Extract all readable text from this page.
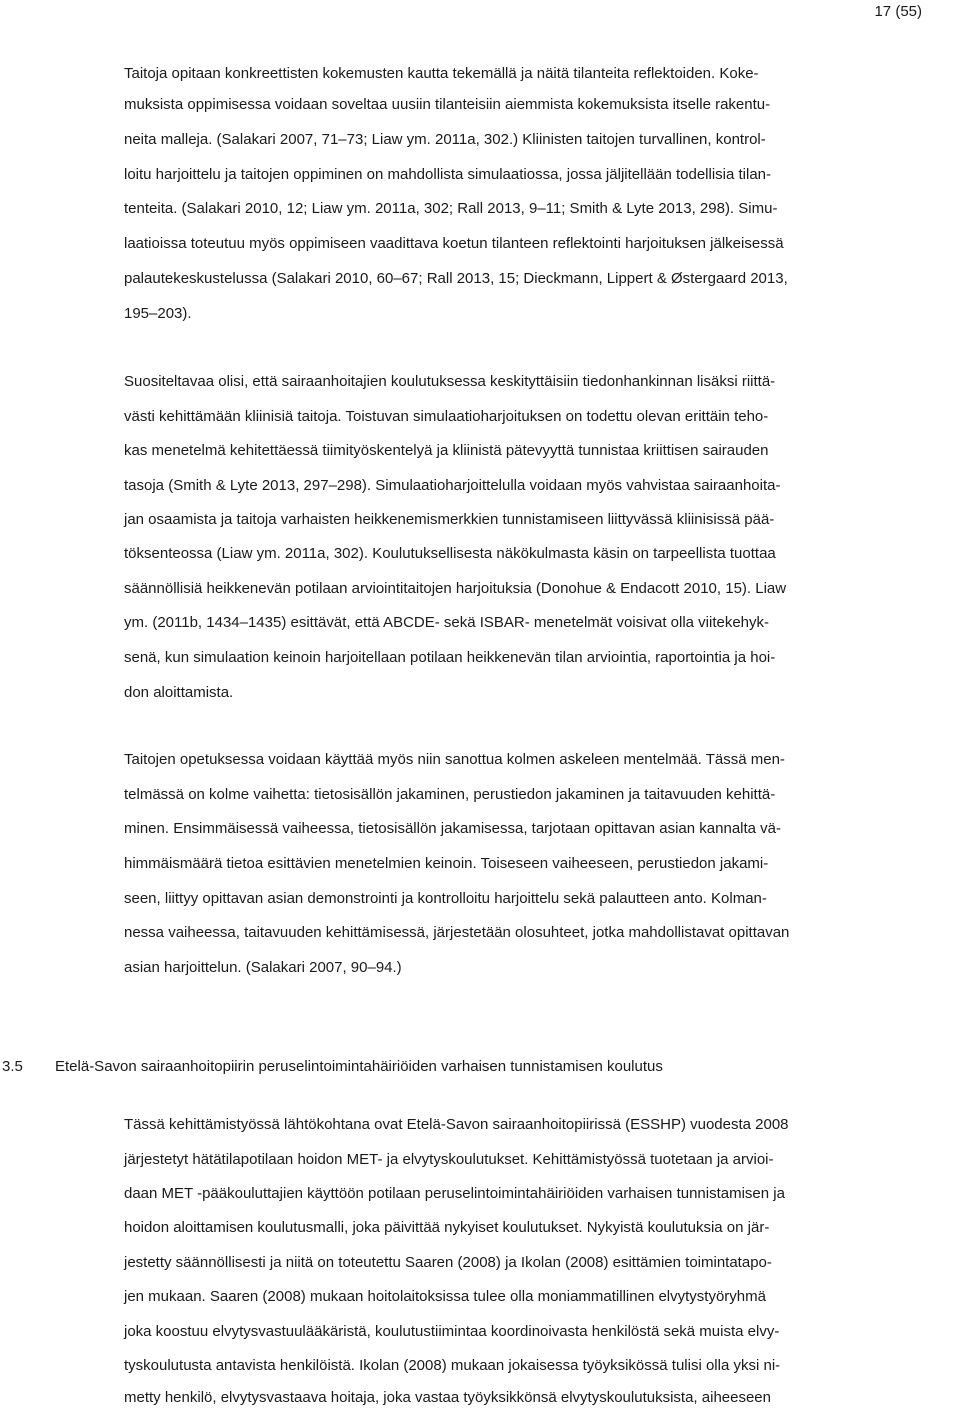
17 (55)
Taitoja opitaan konkreettisten kokemusten kautta tekemällä ja näitä tilanteita reflektoiden. Koke-
muksista oppimisessa voidaan soveltaa uusiin tilanteisiin aiemmista kokemuksista itselle rakentu-
neita malleja. (Salakari 2007, 71–73; Liaw ym. 2011a, 302.) Kliinisten taitojen turvallinen, kontrol-
loitu harjoittelu ja taitojen oppiminen on mahdollista simulaatiossa, jossa jäljitellään todellisia tilan-
tenteita. (Salakari 2010, 12; Liaw ym. 2011a, 302; Rall 2013, 9–11; Smith & Lyte 2013, 298). Simu-
laatioissa toteutuu myös oppimiseen vaadittava koetun tilanteen reflektointi harjoituksen jälkeisessä
palautekeskustelussa (Salakari 2010, 60–67; Rall 2013, 15; Dieckmann, Lippert & Østergaard 2013,
195–203).
Suositeltavaa olisi, että sairaanhoitajien koulutuksessa keskityttäisiin tiedonhankinnan lisäksi riittä-
västi kehittämään kliinisiä taitoja. Toistuvan simulaatioharjoituksen on todettu olevan erittäin teho-
kas menetelmä kehitettäessä tiimityöskentelyä ja kliinistä pätevyyttä tunnistaa kriittisen sairauden
tasoja (Smith & Lyte 2013, 297–298). Simulaatioharjoittelulla voidaan myös vahvistaa sairaanhoita-
jan osaamista ja taitoja varhaisten heikkenemismerkkien tunnistamiseen liittyvässä kliinisissä pää-
töksenteossa (Liaw ym. 2011a, 302). Koulutuksellisesta näkökulmasta käsin on tarpeellista tuottaa
säännöllisiä heikkenevän potilaan arviointitaitojen harjoituksia (Donohue & Endacott 2010, 15). Liaw
ym. (2011b, 1434–1435) esittävät, että ABCDE- sekä ISBAR- menetelmät voisivat olla viitekehyk-
senä, kun simulaation keinoin harjoitellaan potilaan heikkenevän tilan arviointia, raportointia ja hoi-
don aloittamista.
Taitojen opetuksessa voidaan käyttää myös niin sanottua kolmen askeleen mentelmää. Tässä men-
telmässä on kolme vaihetta: tietosisällön jakaminen, perustiedon jakaminen ja taitavuuden kehittä-
minen. Ensimmäisessä vaiheessa, tietosisällön jakamisessa, tarjotaan opittavan asian kannalta vä-
himmäismäärä tietoa esittävien menetelmien keinoin. Toiseseen vaiheeseen, perustiedon jakami-
seen, liittyy opittavan asian demonstrointi ja kontrolloitu harjoittelu sekä palautteen anto. Kolman-
nessa vaiheessa, taitavuuden kehittämisessä, järjestetään olosuhteet, jotka mahdollistavat opittavan
asian harjoittelun. (Salakari 2007, 90–94.)
3.5 Etelä-Savon sairaanhoitopiirin peruselintoimintahäiriöiden varhaisen tunnistamisen koulutus
Tässä kehittämistyössä lähtökohtana ovat Etelä-Savon sairaanhoitopiirissä (ESSHP) vuodesta 2008
järjestetyt hätätilapotilaan hoidon MET- ja elvytyskoulutukset. Kehittämistyössä tuotetaan ja arvioi-
daan MET -pääkouluttajien käyttöön potilaan peruselintoimintahäiriöiden varhaisen tunnistamisen ja
hoidon aloittamisen koulutusmalli, joka päivittää nykyiset koulutukset. Nykyistä koulutuksia on jär-
jestetty säännöllisesti ja niitä on toteutettu Saaren (2008) ja Ikolan (2008) esittämien toimintatapo-
jen mukaan. Saaren (2008) mukaan hoitolaitoksissa tulee olla moniammatillinen elvytystyöryhmä
joka koostuu elvytysvastuulääkäristä, koulutustiimintaa koordinoivasta henkilöstä sekä muista elvy-
tyskoulutusta antavista henkilöistä. Ikolan (2008) mukaan jokaisessa työyksikössä tulisi olla yksi ni-
metty henkilö, elvytysvastaava hoitaja, joka vastaa työyksikkönsä elvytyskoulutuksista, aiheeseen
